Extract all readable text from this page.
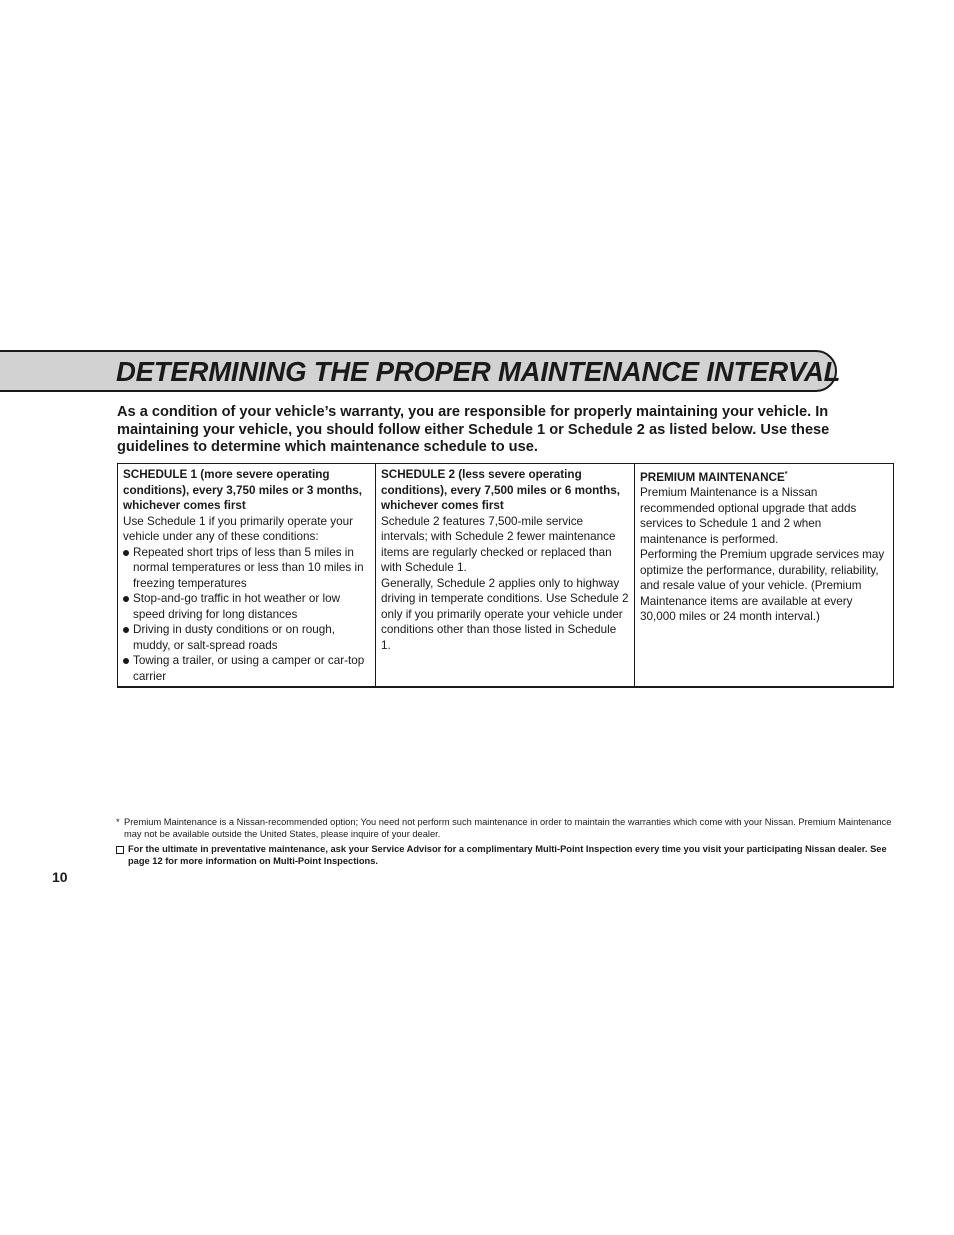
DETERMINING THE PROPER MAINTENANCE INTERVAL

As a condition of your vehicle’s warranty, you are responsible for properly maintaining your vehicle. In maintaining your vehicle, you should follow either Schedule 1 or Schedule 2 as listed below. Use these guidelines to determine which maintenance schedule to use.

SCHEDULE 1 (more severe operating conditions), every 3,750 miles or 3 months, whichever comes first
Use Schedule 1 if you primarily operate your vehicle under any of these conditions:
Repeated short trips of less than 5 miles in normal temperatures or less than 10 miles in freezing temperatures
Stop-and-go traffic in hot weather or low speed driving for long distances
Driving in dusty conditions or on rough, muddy, or salt-spread roads
Towing a trailer, or using a camper or car-top carrier

SCHEDULE 2 (less severe operating conditions), every 7,500 miles or 6 months, whichever comes first
Schedule 2 features 7,500-mile service intervals; with Schedule 2 fewer maintenance items are regularly checked or replaced than with Schedule 1.
Generally, Schedule 2 applies only to highway driving in temperate conditions. Use Schedule 2 only if you primarily operate your vehicle under conditions other than those listed in Schedule 1.

PREMIUM MAINTENANCE*
Premium Maintenance is a Nissan recommended optional upgrade that adds services to Schedule 1 and 2 when maintenance is performed.
Performing the Premium upgrade services may optimize the performance, durability, reliability, and resale value of your vehicle. (Premium Maintenance items are available at every 30,000 miles or 24 month interval.)
* Premium Maintenance is a Nissan-recommended option; You need not perform such maintenance in order to maintain the warranties which come with your Nissan. Premium Maintenance may not be available outside the United States, please inquire of your dealer.
For the ultimate in preventative maintenance, ask your Service Advisor for a complimentary Multi-Point Inspection every time you visit your participating Nissan dealer. See page 12 for more information on Multi-Point Inspections.

10
